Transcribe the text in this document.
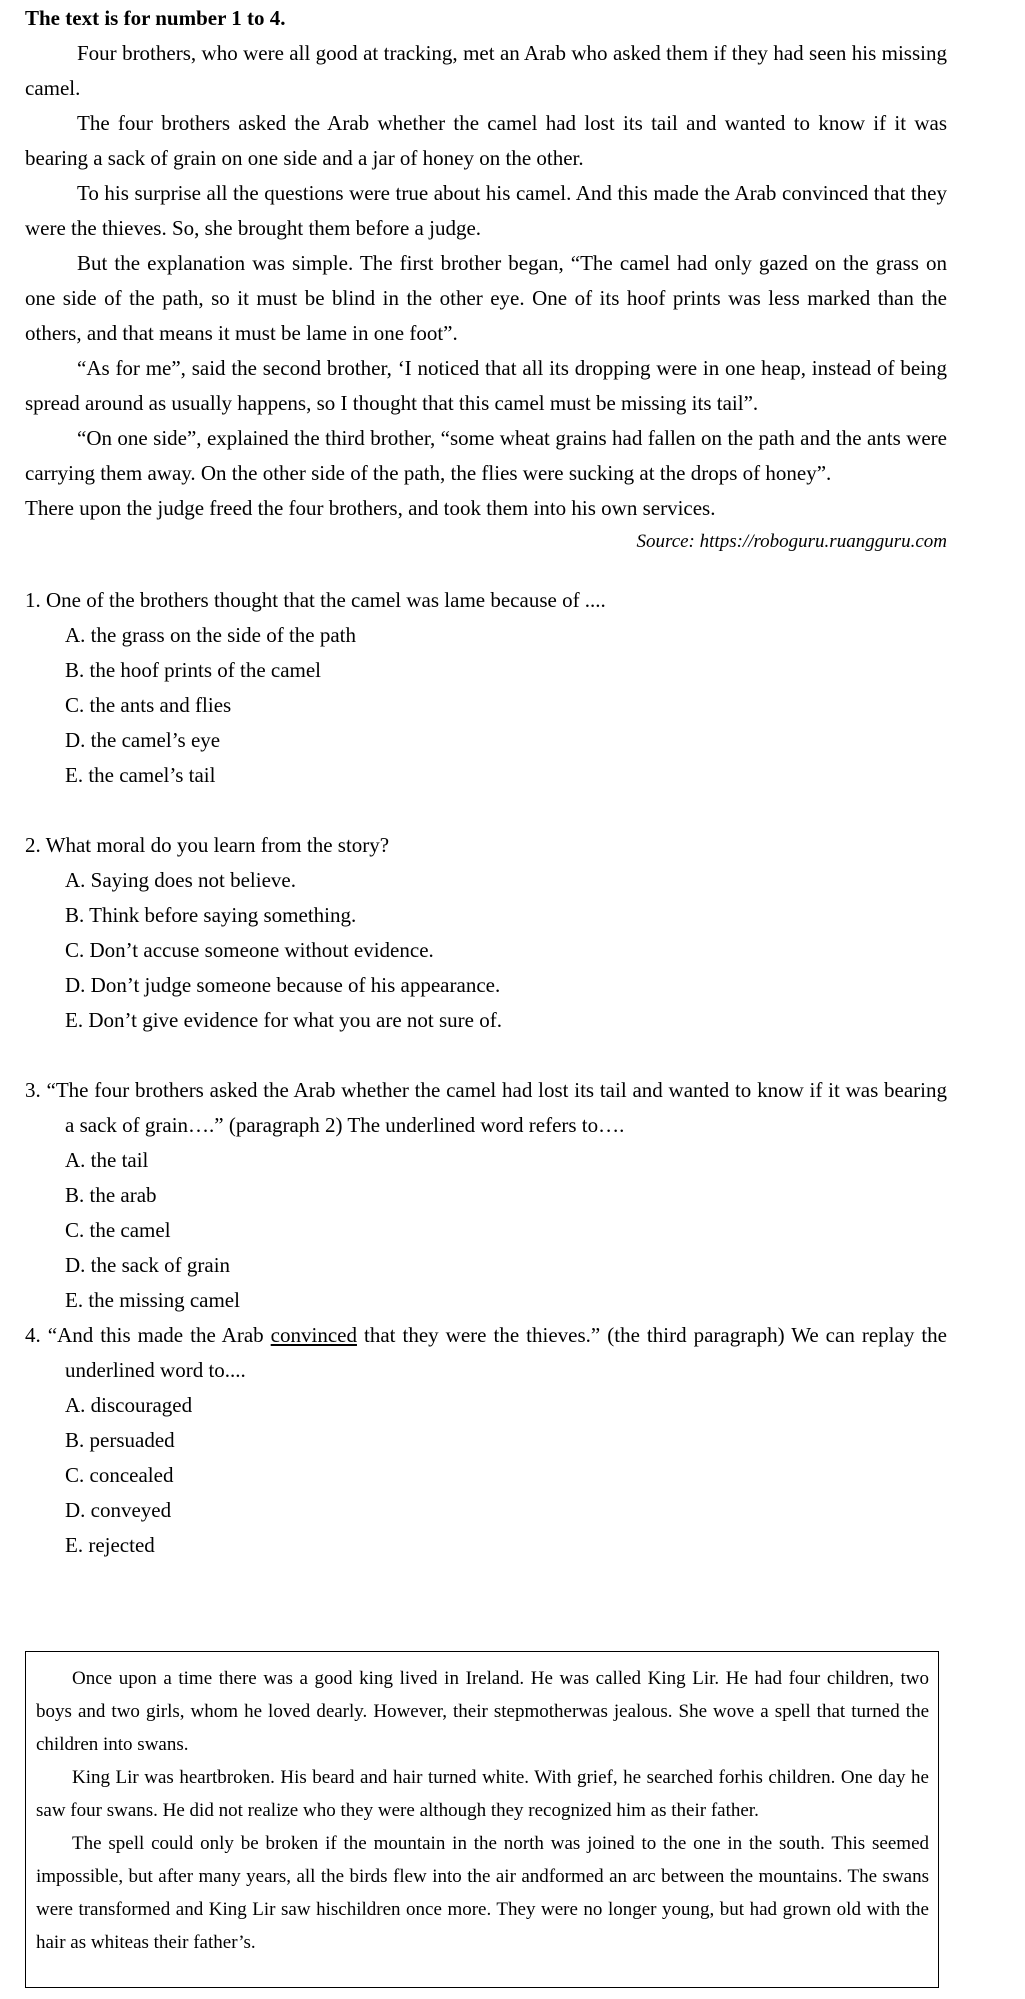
The text is for number 1 to 4.
Four brothers, who were all good at tracking, met an Arab who asked them if they had seen his missing camel.
The four brothers asked the Arab whether the camel had lost its tail and wanted to know if it was bearing a sack of grain on one side and a jar of honey on the other.
To his surprise all the questions were true about his camel. And this made the Arab convinced that they were the thieves. So, she brought them before a judge.
But the explanation was simple. The first brother began, “The camel had only gazed on the grass on one side of the path, so it must be blind in the other eye. One of its hoof prints was less marked than the others, and that means it must be lame in one foot”.
“As for me”, said the second brother, ‘I noticed that all its dropping were in one heap, instead of being spread around as usually happens, so I thought that this camel must be missing its tail”.
“On one side”, explained the third brother, “some wheat grains had fallen on the path and the ants were carrying them away. On the other side of the path, the flies were sucking at the drops of honey”.
There upon the judge freed the four brothers, and took them into his own services.
Source: https://roboguru.ruangguru.com
1. One of the brothers thought that the camel was lame because of ....
A. the grass on the side of the path
B. the hoof prints of the camel
C. the ants and flies
D. the camel’s eye
E. the camel’s tail
2. What moral do you learn from the story?
A. Saying does not believe.
B. Think before saying something.
C. Don’t accuse someone without evidence.
D. Don’t judge someone because of his appearance.
E. Don’t give evidence for what you are not sure of.
3. “The four brothers asked the Arab whether the camel had lost its tail and wanted to know if it was bearing a sack of grain….” (paragraph 2) The underlined word refers to….
A. the tail
B. the arab
C. the camel
D. the sack of grain
E. the missing camel
4. “And this made the Arab convinced that they were the thieves.” (the third paragraph) We can replay the underlined word to....
A. discouraged
B. persuaded
C. concealed
D. conveyed
E. rejected
Once upon a time there was a good king lived in Ireland. He was called King Lir. He had four children, two boys and two girls, whom he loved dearly. However, their stepmotherwas jealous. She wove a spell that turned the children into swans.
King Lir was heartbroken. His beard and hair turned white. With grief, he searched forhis children. One day he saw four swans. He did not realize who they were although they recognized him as their father.
The spell could only be broken if the mountain in the north was joined to the one in the south. This seemed impossible, but after many years, all the birds flew into the air andformed an arc between the mountains. The swans were transformed and King Lir saw hischildren once more. They were no longer young, but had grown old with the hair as whiteas their father’s.
